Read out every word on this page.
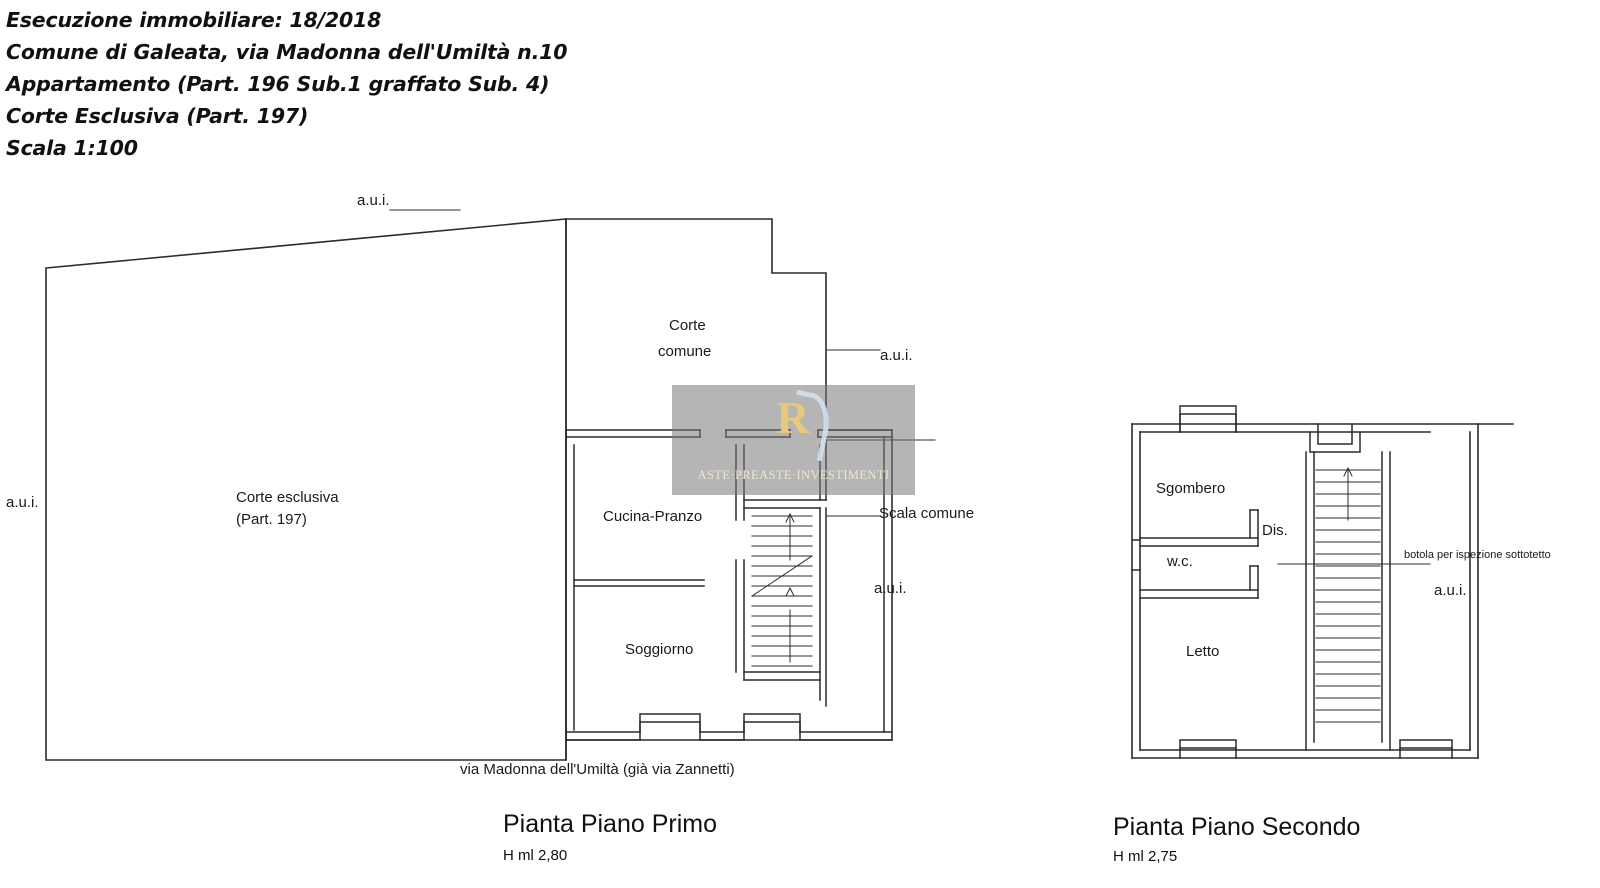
Esecuzione immobiliare: 18/2018
Comune di Galeata, via Madonna dell'Umiltà n.10
Appartamento (Part. 196 Sub.1 graffato Sub. 4)
Corte Esclusiva (Part. 197)
Scala 1:100
a.u.i.
a.u.i.
a.u.i.
a.u.i.
Scala comune
Corte esclusiva
(Part. 197)
Corte
comune
Cucina-Pranzo
Soggiorno
via Madonna dell'Umiltà (già via Zannetti)
Pianta Piano Primo
H ml 2,80
Sgombero
Dis.
w.c.
Letto
botola per ispezione sottotetto
a.u.i.
Pianta Piano Secondo
H ml 2,75
R
ASTE·PREASTE·INVESTIMENTI
